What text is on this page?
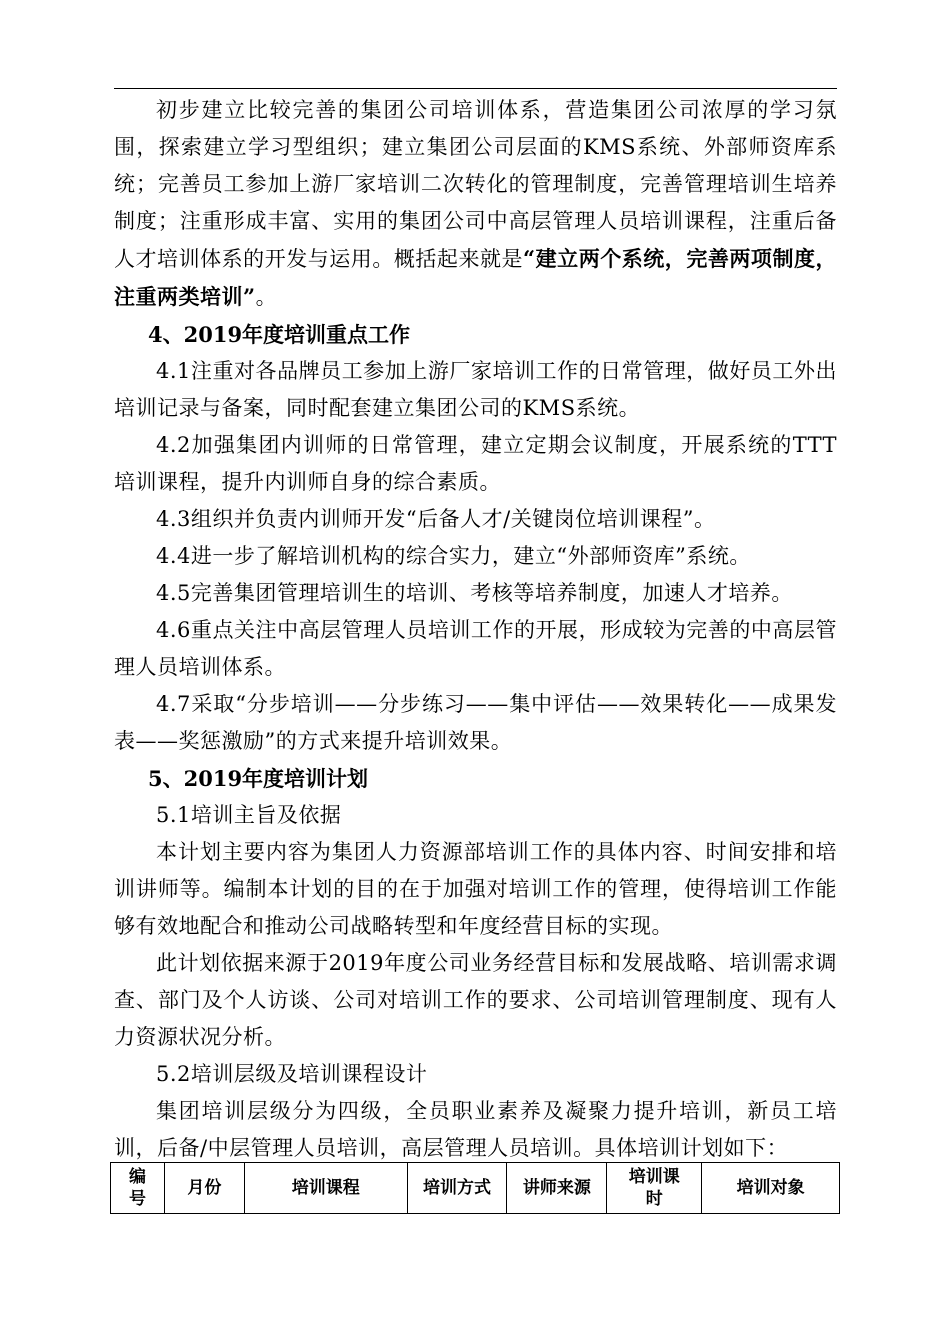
初步建立比较完善的集团公司培训体系，营造集团公司浓厚的学习氛围，探索建立学习型组织；建立集团公司层面的KMS系统、外部师资库系统；完善员工参加上游厂家培训二次转化的管理制度，完善管理培训生培养制度；注重形成丰富、实用的集团公司中高层管理人员培训课程，注重后备人才培训体系的开发与运用。概括起来就是“建立两个系统，完善两项制度，注重两类培训”。

4、2019年度培训重点工作

4.1注重对各品牌员工参加上游厂家培训工作的日常管理，做好员工外出培训记录与备案，同时配套建立集团公司的KMS系统。

4.2加强集团内训师的日常管理，建立定期会议制度，开展系统的TTT培训课程，提升内训师自身的综合素质。

4.3组织并负责内训师开发“后备人才/关键岗位培训课程”。

4.4进一步了解培训机构的综合实力，建立“外部师资库”系统。

4.5完善集团管理培训生的培训、考核等培养制度，加速人才培养。

4.6重点关注中高层管理人员培训工作的开展，形成较为完善的中高层管理人员培训体系。

4.7采取“分步培训——分步练习——集中评估——效果转化——成果发表——奖惩激励”的方式来提升培训效果。

5、2019年度培训计划

5.1培训主旨及依据

本计划主要内容为集团人力资源部培训工作的具体内容、时间安排和培训讲师等。编制本计划的目的在于加强对培训工作的管理，使得培训工作能够有效地配合和推动公司战略转型和年度经营目标的实现。

此计划依据来源于2019年度公司业务经营目标和发展战略、培训需求调查、部门及个人访谈、公司对培训工作的要求、公司培训管理制度、现有人力资源状况分析。

5.2培训层级及培训课程设计

集团培训层级分为四级，全员职业素养及凝聚力提升培训，新员工培训，后备/中层管理人员培训，高层管理人员培训。具体培训计划如下：

编号	月份	培训课程	培训方式	讲师来源	培训课时	培训对象
